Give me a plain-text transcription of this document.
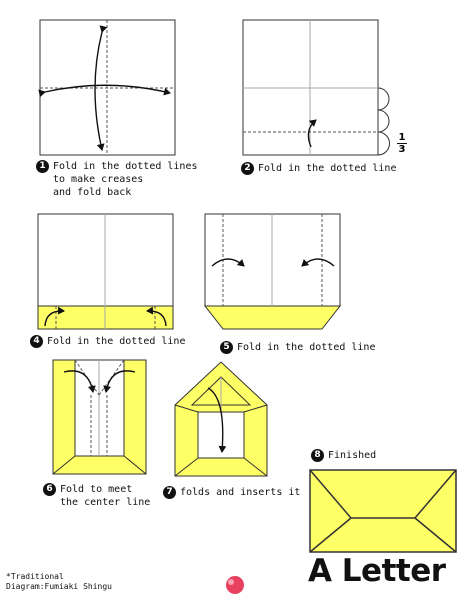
1 Fold in the dotted lines
to make creases
and fold back
2 Fold in the dotted line
1
3
4 Fold in the dotted line	5 Fold in the dotted line
6 Fold to meet
the center line
7 folds and inserts it
8 Finished
*Traditional
Diagram:Fumiaki Shingu	A Letter
